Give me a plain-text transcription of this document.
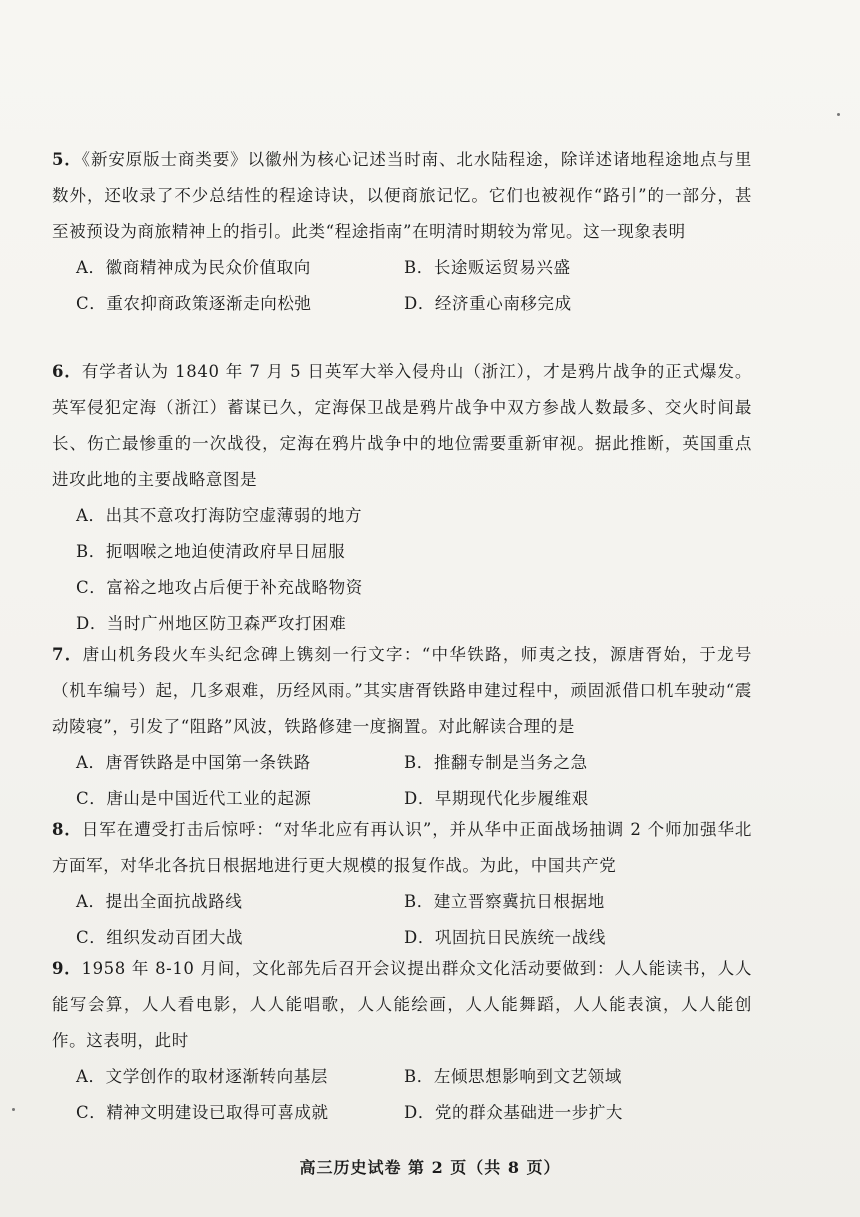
5．《新安原版士商类要》以徽州为核心记述当时南、北水陆程途，除详述诸地程途地点与里数外，还收录了不少总结性的程途诗诀，以便商旅记忆。它们也被视作“路引”的一部分，甚至被预设为商旅精神上的指引。此类“程途指南”在明清时期较为常见。这一现象表明

A．徽商精神成为民众价值取向	B．长途贩运贸易兴盛
C．重农抑商政策逐渐走向松弛	D．经济重心南移完成

6．有学者认为 1840 年 7 月 5 日英军大举入侵舟山（浙江），才是鸦片战争的正式爆发。英军侵犯定海（浙江）蓄谋已久，定海保卫战是鸦片战争中双方参战人数最多、交火时间最长、伤亡最惨重的一次战役，定海在鸦片战争中的地位需要重新审视。据此推断，英国重点进攻此地的主要战略意图是

A．出其不意攻打海防空虚薄弱的地方
B．扼咽喉之地迫使清政府早日屈服
C．富裕之地攻占后便于补充战略物资
D．当时广州地区防卫森严攻打困难

7．唐山机务段火车头纪念碑上镌刻一行文字：“中华铁路，师夷之技，源唐胥始，于龙号（机车编号）起，几多艰难，历经风雨。”其实唐胥铁路申建过程中，顽固派借口机车驶动“震动陵寝”，引发了“阻路”风波，铁路修建一度搁置。对此解读合理的是

A．唐胥铁路是中国第一条铁路	B．推翻专制是当务之急
C．唐山是中国近代工业的起源	D．早期现代化步履维艰

8．日军在遭受打击后惊呼：“对华北应有再认识”，并从华中正面战场抽调 2 个师加强华北方面军，对华北各抗日根据地进行更大规模的报复作战。为此，中国共产党

A．提出全面抗战路线	B．建立晋察冀抗日根据地
C．组织发动百团大战	D．巩固抗日民族统一战线

9．1958 年 8-10 月间，文化部先后召开会议提出群众文化活动要做到：人人能读书，人人能写会算，人人看电影，人人能唱歌，人人能绘画，人人能舞蹈，人人能表演，人人能创作。这表明，此时

A．文学创作的取材逐渐转向基层	B．左倾思想影响到文艺领域
C．精神文明建设已取得可喜成就	D．党的群众基础进一步扩大
高三历史试卷 第 2 页（共 8 页）
